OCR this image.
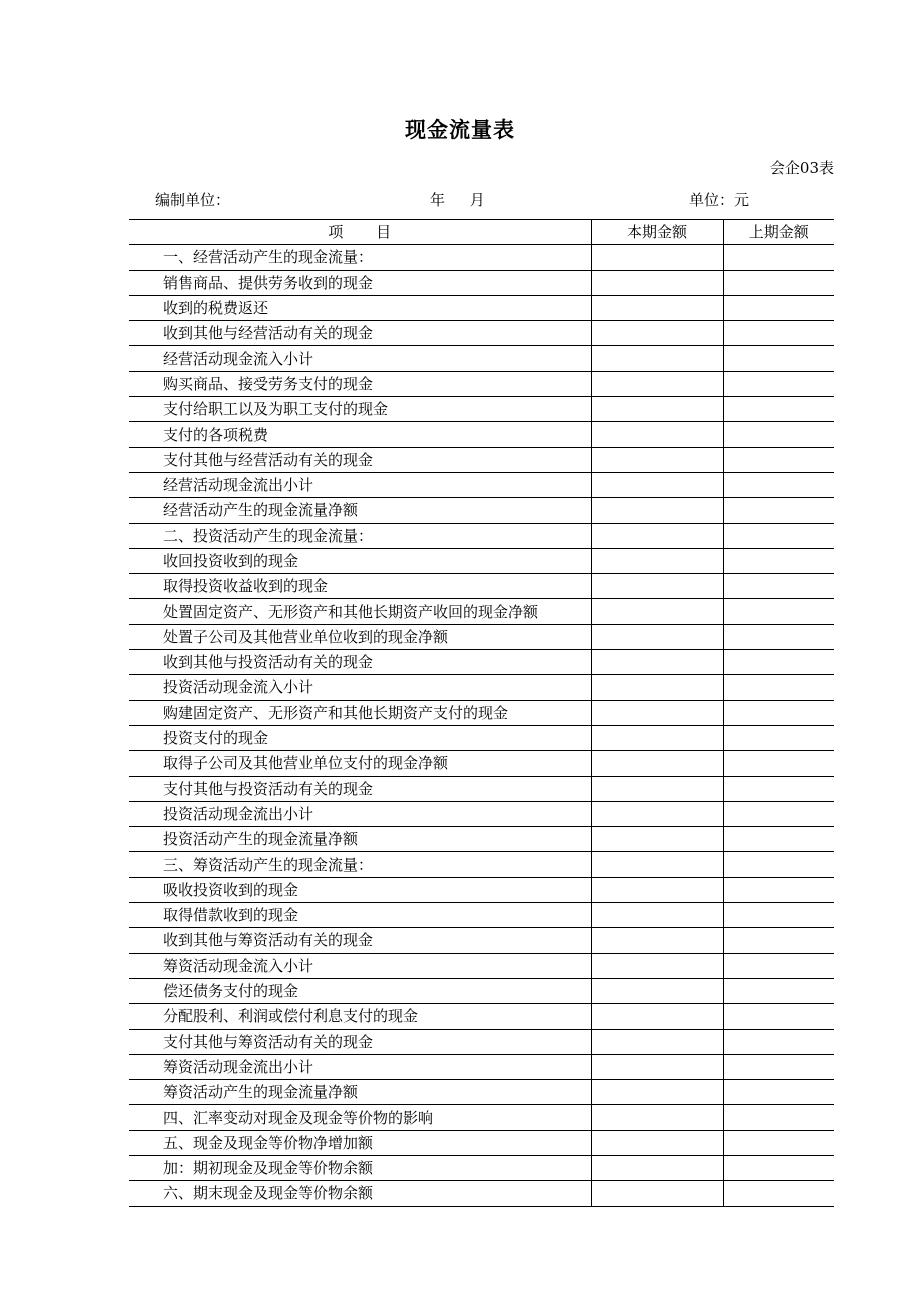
现金流量表
会企03表
编制单位：	年 月	单位：元
项 目	本期金额	上期金额
一、经营活动产生的现金流量：		
销售商品、提供劳务收到的现金		
收到的税费返还		
收到其他与经营活动有关的现金		
经营活动现金流入小计		
购买商品、接受劳务支付的现金		
支付给职工以及为职工支付的现金		
支付的各项税费		
支付其他与经营活动有关的现金		
经营活动现金流出小计		
经营活动产生的现金流量净额		
二、投资活动产生的现金流量：		
收回投资收到的现金		
取得投资收益收到的现金		
处置固定资产、无形资产和其他长期资产收回的现金净额		
处置子公司及其他营业单位收到的现金净额		
收到其他与投资活动有关的现金		
投资活动现金流入小计		
购建固定资产、无形资产和其他长期资产支付的现金		
投资支付的现金		
取得子公司及其他营业单位支付的现金净额		
支付其他与投资活动有关的现金		
投资活动现金流出小计		
投资活动产生的现金流量净额		
三、筹资活动产生的现金流量：		
吸收投资收到的现金		
取得借款收到的现金		
收到其他与筹资活动有关的现金		
筹资活动现金流入小计		
偿还债务支付的现金		
分配股利、利润或偿付利息支付的现金		
支付其他与筹资活动有关的现金		
筹资活动现金流出小计		
筹资活动产生的现金流量净额		
四、汇率变动对现金及现金等价物的影响		
五、现金及现金等价物净增加额		
加：期初现金及现金等价物余额		
六、期末现金及现金等价物余额		
